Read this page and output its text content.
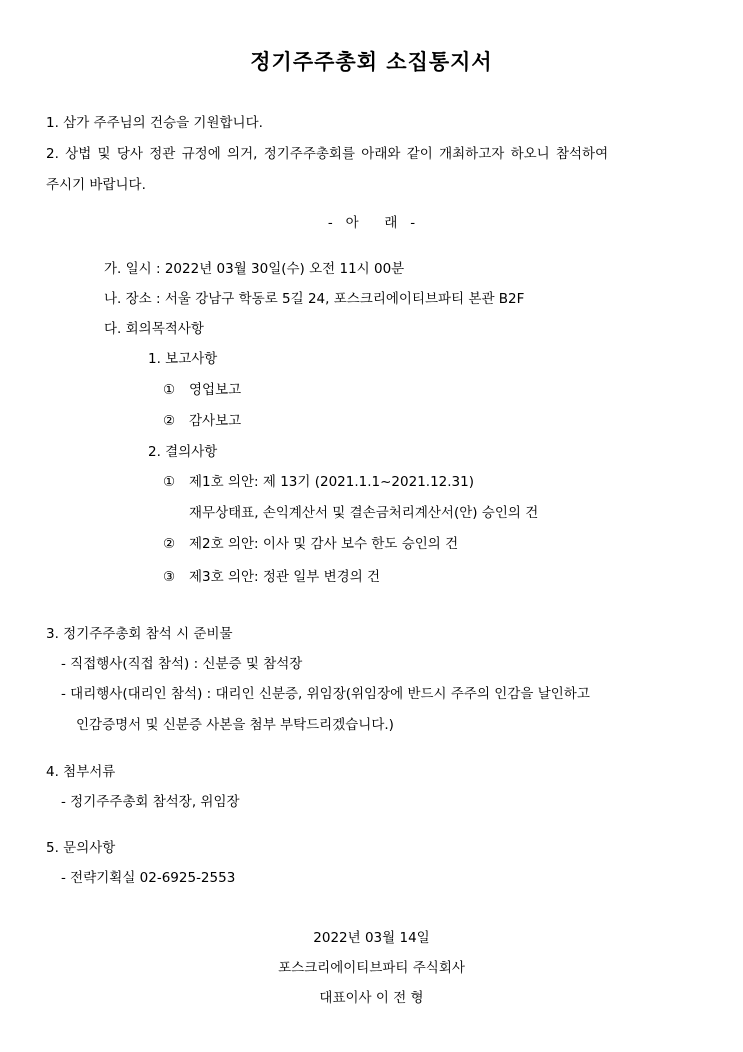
정기주주총회 소집통지서
1. 삼가 주주님의 건승을 기원합니다.
2. 상법 및 당사 정관 규정에 의거, 정기주주총회를 아래와 같이 개최하고자 하오니 참석하여
주시기 바랍니다.
-   아      래   -
가. 일시 : 2022년 03월 30일(수) 오전 11시 00분
나. 장소 : 서울 강남구 학동로 5길 24, 포스크리에이티브파티 본관 B2F
다. 회의목적사항
1. 보고사항
① 영업보고
② 감사보고
2. 결의사항
① 제1호 의안: 제 13기 (2021.1.1~2021.12.31)
재무상태표, 손익계산서 및 결손금처리계산서(안) 승인의 건
② 제2호 의안: 이사 및 감사 보수 한도 승인의 건
③ 제3호 의안: 정관 일부 변경의 건
3. 정기주주총회 참석 시 준비물
- 직접행사(직접 참석) : 신분증 및 참석장
- 대리행사(대리인 참석) : 대리인 신분증, 위임장(위임장에 반드시 주주의 인감을 날인하고
인감증명서 및 신분증 사본을 첨부 부탁드리겠습니다.)
4. 첨부서류
- 정기주주총회 참석장, 위임장
5. 문의사항
- 전략기획실 02-6925-2553
2022년 03월 14일
포스크리에이티브파티 주식회사
대표이사 이 전 형
